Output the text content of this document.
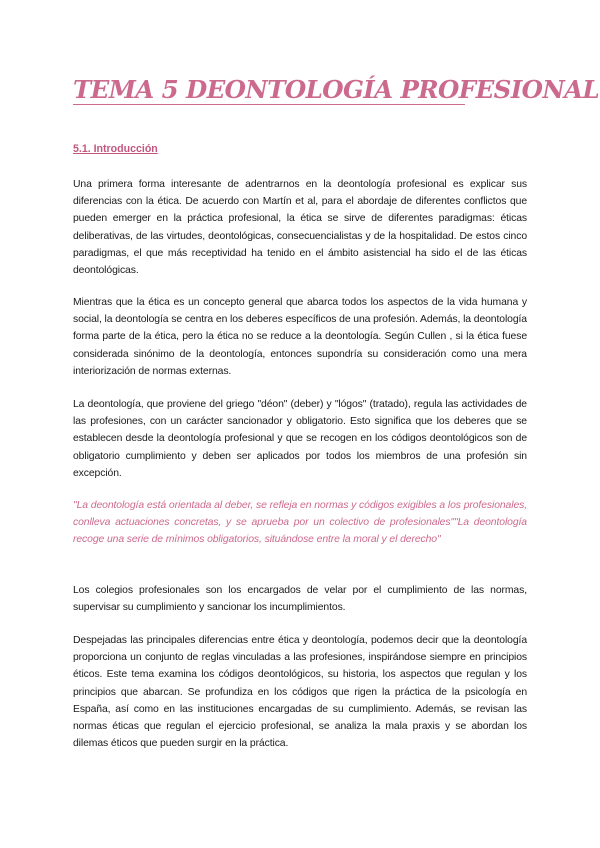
TEMA 5 DEONTOLOGÍA PROFESIONAL
5.1. Introducción

Una primera forma interesante de adentrarnos en la deontología profesional es explicar sus diferencias con la ética. De acuerdo con Martín et al, para el abordaje de diferentes conflictos que pueden emerger en la práctica profesional, la ética se sirve de diferentes paradigmas: éticas deliberativas, de las virtudes, deontológicas, consecuencialistas y de la hospitalidad. De estos cinco paradigmas, el que más receptividad ha tenido en el ámbito asistencial ha sido el de las éticas deontológicas.

Mientras que la ética es un concepto general que abarca todos los aspectos de la vida humana y social, la deontología se centra en los deberes específicos de una profesión. Además, la deontología forma parte de la ética, pero la ética no se reduce a la deontología. Según Cullen , si la ética fuese considerada sinónimo de la deontología, entonces supondría su consideración como una mera interiorización de normas externas.

La deontología, que proviene del griego "déon" (deber) y "lógos" (tratado), regula las actividades de las profesiones, con un carácter sancionador y obligatorio. Esto significa que los deberes que se establecen desde la deontología profesional y que se recogen en los códigos deontológicos son de obligatorio cumplimiento y deben ser aplicados por todos los miembros de una profesión sin excepción.

"La deontología está orientada al deber, se refleja en normas y códigos exigibles a los profesionales, conlleva actuaciones concretas, y se aprueba por un colectivo de profesionales""La deontología recoge una serie de mínimos obligatorios, situándose entre la moral y el derecho"

Los colegios profesionales son los encargados de velar por el cumplimiento de las normas, supervisar su cumplimiento y sancionar los incumplimientos.

Despejadas las principales diferencias entre ética y deontología, podemos decir que la deontología proporciona un conjunto de reglas vinculadas a las profesiones, inspirándose siempre en principios éticos. Este tema examina los códigos deontológicos, su historia, los aspectos que regulan y los principios que abarcan. Se profundiza en los códigos que rigen la práctica de la psicología en España, así como en las instituciones encargadas de su cumplimiento. Además, se revisan las normas éticas que regulan el ejercicio profesional, se analiza la mala praxis y se abordan los dilemas éticos que pueden surgir en la práctica.
